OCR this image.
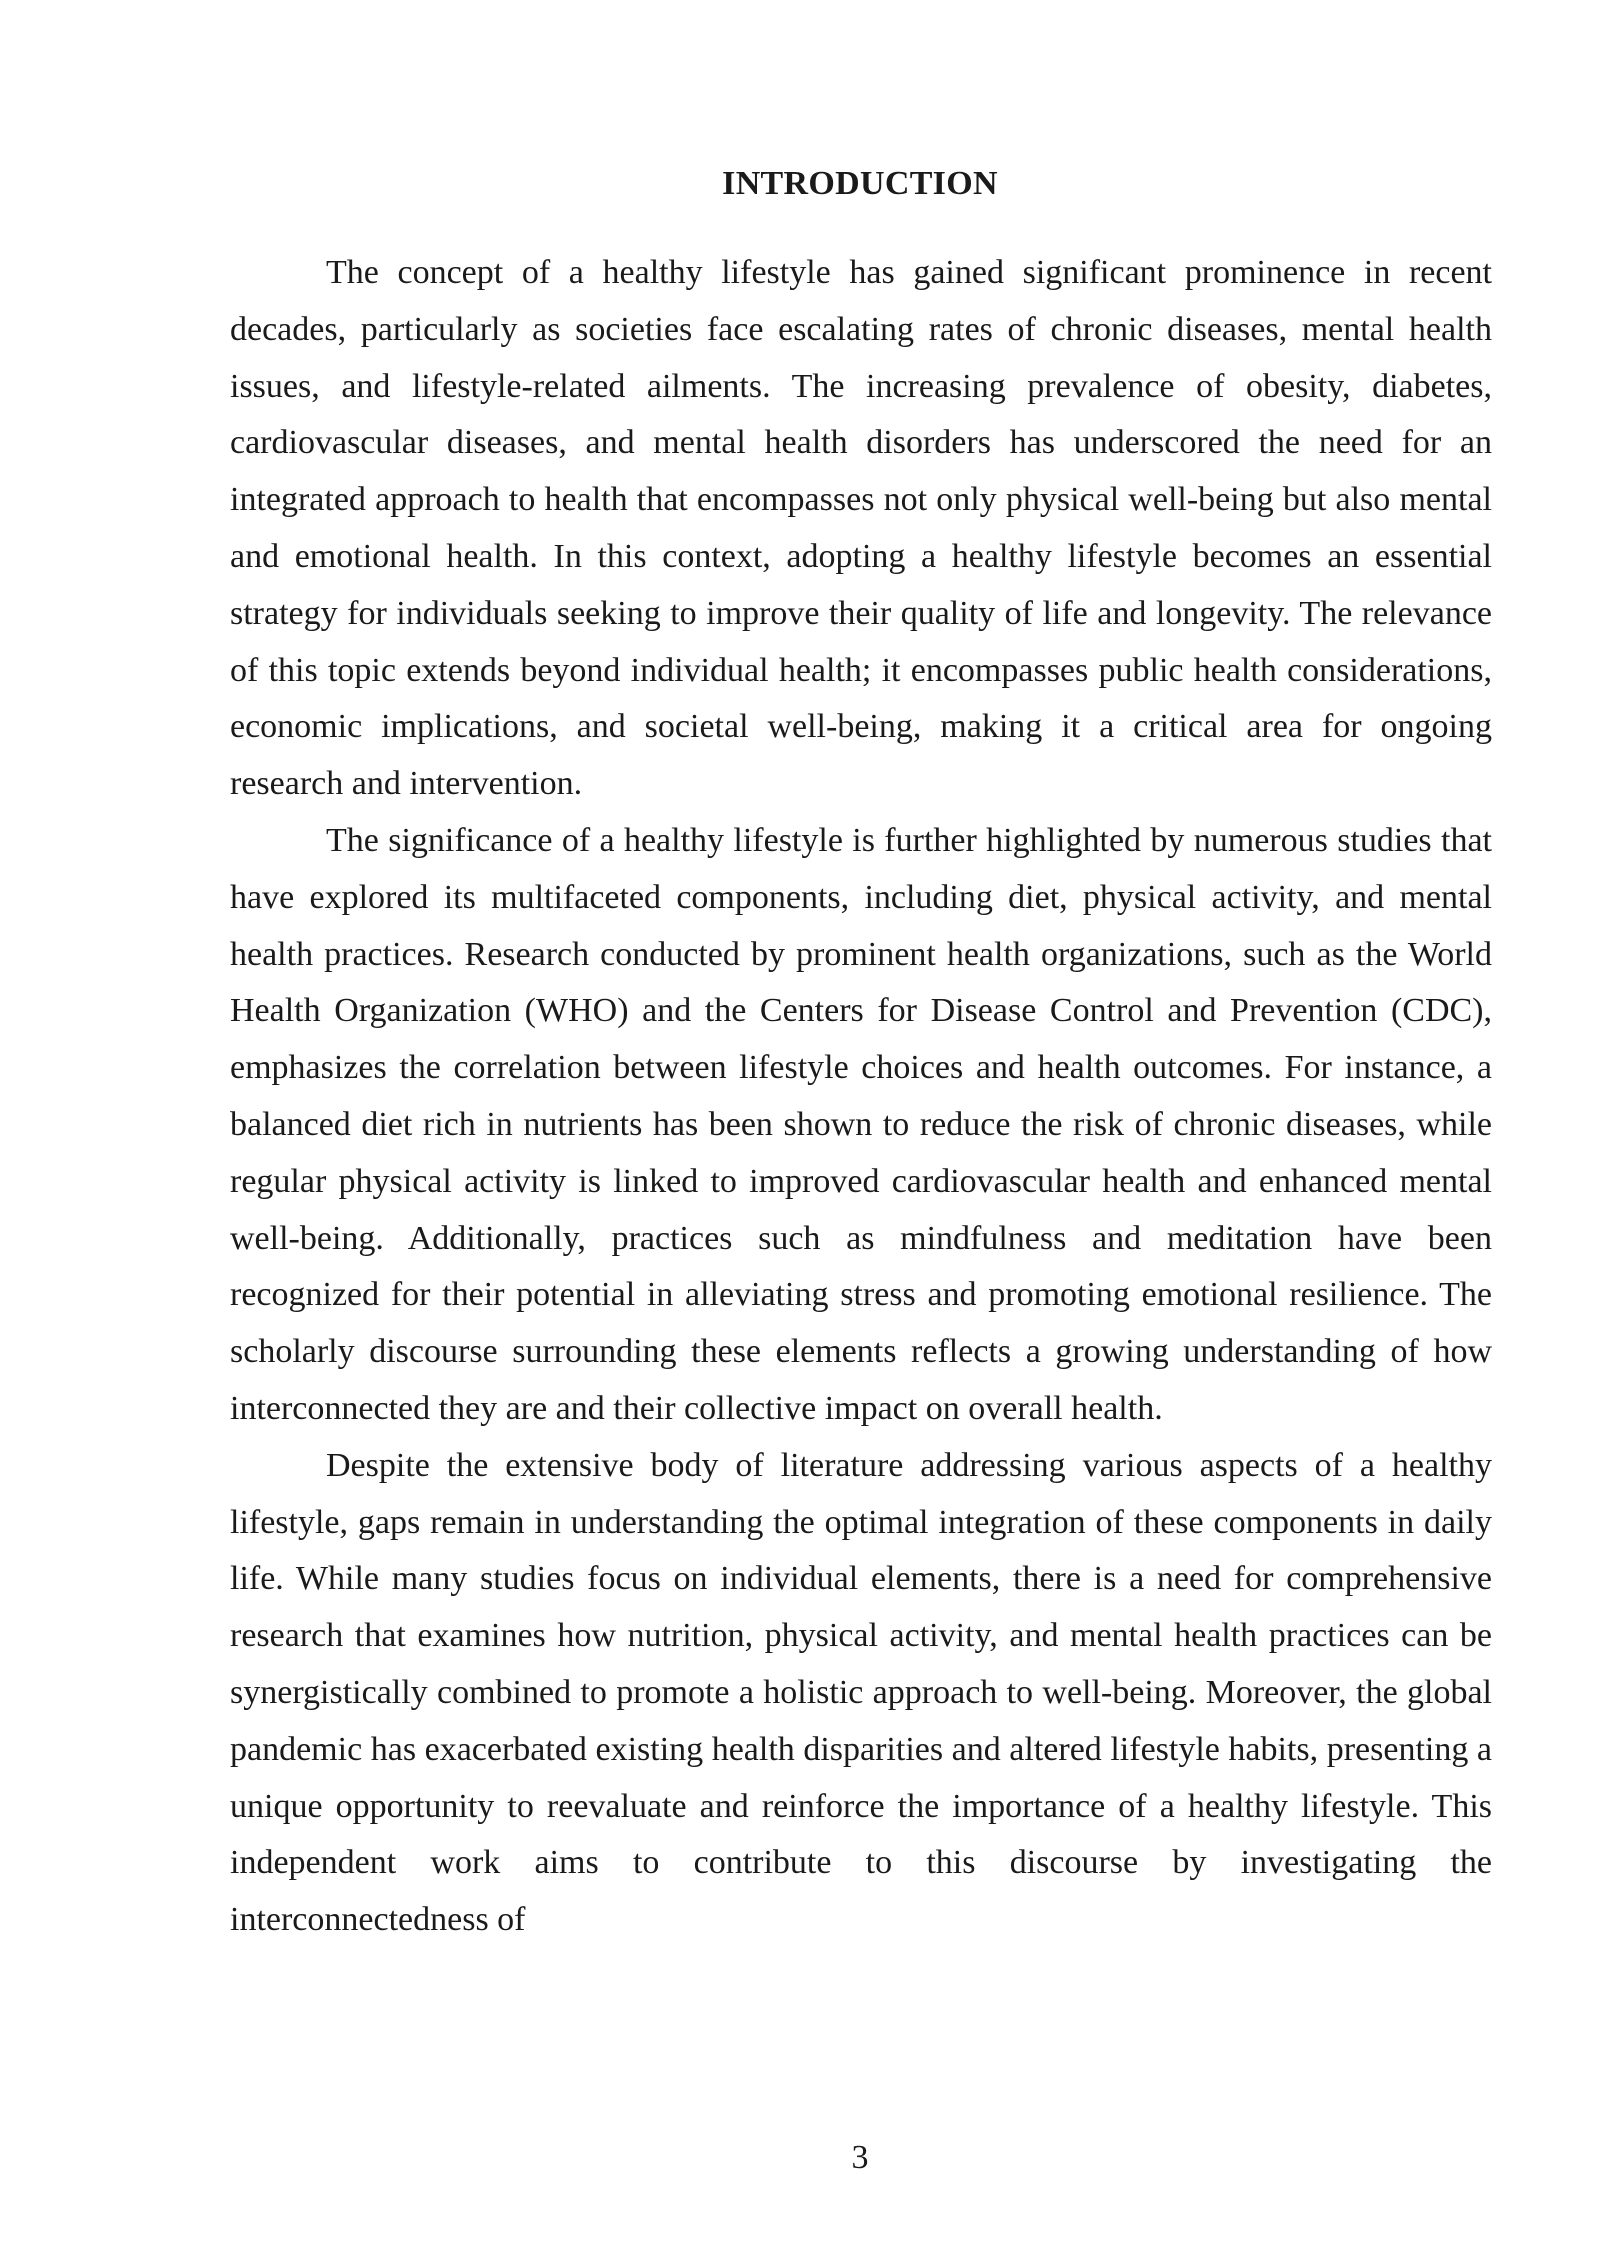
INTRODUCTION

The concept of a healthy lifestyle has gained significant prominence in recent decades, particularly as societies face escalating rates of chronic diseases, mental health issues, and lifestyle-related ailments. The increasing prevalence of obesity, diabetes, cardiovascular diseases, and mental health disorders has underscored the need for an integrated approach to health that encompasses not only physical well-being but also mental and emotional health. In this context, adopting a healthy lifestyle becomes an essential strategy for individuals seeking to improve their quality of life and longevity. The relevance of this topic extends beyond individual health; it encompasses public health considerations, economic implications, and societal well-being, making it a critical area for ongoing research and intervention.

The significance of a healthy lifestyle is further highlighted by numerous studies that have explored its multifaceted components, including diet, physical activity, and mental health practices. Research conducted by prominent health organizations, such as the World Health Organization (WHO) and the Centers for Disease Control and Prevention (CDC), emphasizes the correlation between lifestyle choices and health outcomes. For instance, a balanced diet rich in nutrients has been shown to reduce the risk of chronic diseases, while regular physical activity is linked to improved cardiovascular health and enhanced mental well-being. Additionally, practices such as mindfulness and meditation have been recognized for their potential in alleviating stress and promoting emotional resilience. The scholarly discourse surrounding these elements reflects a growing understanding of how interconnected they are and their collective impact on overall health.

Despite the extensive body of literature addressing various aspects of a healthy lifestyle, gaps remain in understanding the optimal integration of these components in daily life. While many studies focus on individual elements, there is a need for comprehensive research that examines how nutrition, physical activity, and mental health practices can be synergistically combined to promote a holistic approach to well-being. Moreover, the global pandemic has exacerbated existing health disparities and altered lifestyle habits, presenting a unique opportunity to reevaluate and reinforce the importance of a healthy lifestyle. This independent work aims to contribute to this discourse by investigating the interconnectedness of

3
